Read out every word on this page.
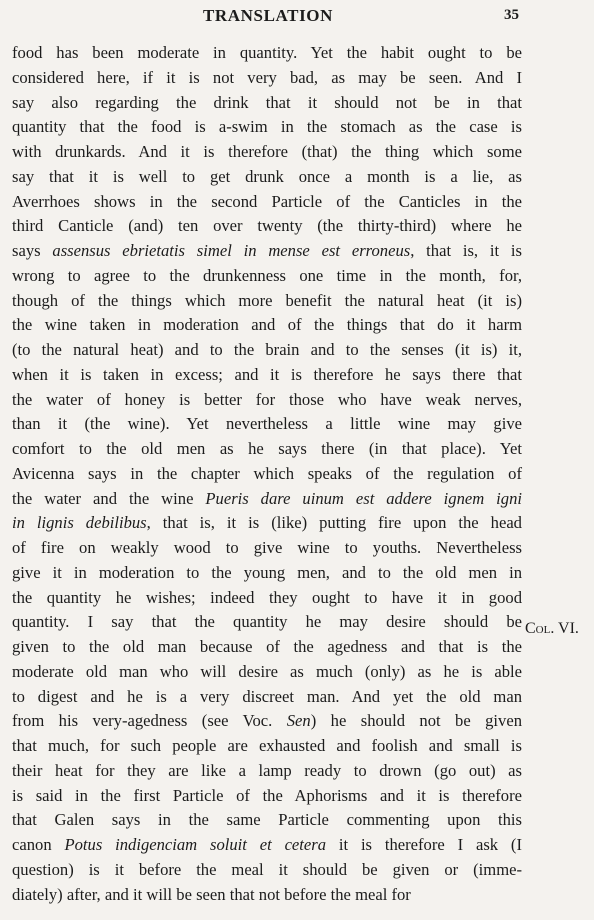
TRANSLATION	35
food has been moderate in quantity. Yet the habit ought to be
considered here, if it is not very bad, as may be seen. And I
say also regarding the drink that it should not be in that
quantity that the food is a-swim in the stomach as the case is
with drunkards. And it is therefore (that) the thing which some
say that it is well to get drunk once a month is a lie, as
Averrhoes shows in the second Particle of the Canticles in the
third Canticle (and) ten over twenty (the thirty-third) where he
says assensus ebrietatis simel in mense est erroneus, that is, it is
wrong to agree to the drunkenness one time in the month, for,
though of the things which more benefit the natural heat (it is)
the wine taken in moderation and of the things that do it harm
(to the natural heat) and to the brain and to the senses (it is) it,
when it is taken in excess; and it is therefore he says there that
the water of honey is better for those who have weak nerves,
than it (the wine). Yet nevertheless a little wine may give
comfort to the old men as he says there (in that place). Yet
Avicenna says in the chapter which speaks of the regulation of
the water and the wine Pueris dare uinum est addere ignem igni
in lignis debilibus, that is, it is (like) putting fire upon the head
of fire on weakly wood to give wine to youths. Nevertheless
give it in moderation to the young men, and to the old men in
the quantity he wishes; indeed they ought to have it in good
quantity. I say that the quantity he may desire should be
given to the old man because of the agedness and that is the
moderate old man who will desire as much (only) as he is able
to digest and he is a very discreet man. And yet the old man
from his very-agedness (see Voc. Sen) he should not be given
that much, for such people are exhausted and foolish and small is
their heat for they are like a lamp ready to drown (go out) as
is said in the first Particle of the Aphorisms and it is therefore
that Galen says in the same Particle commenting upon this
canon Potus indigenciam soluit et cetera it is therefore I ask (I
question) is it before the meal it should be given or (imme-
diately) after, and it will be seen that not before the meal for
Col. VI.
